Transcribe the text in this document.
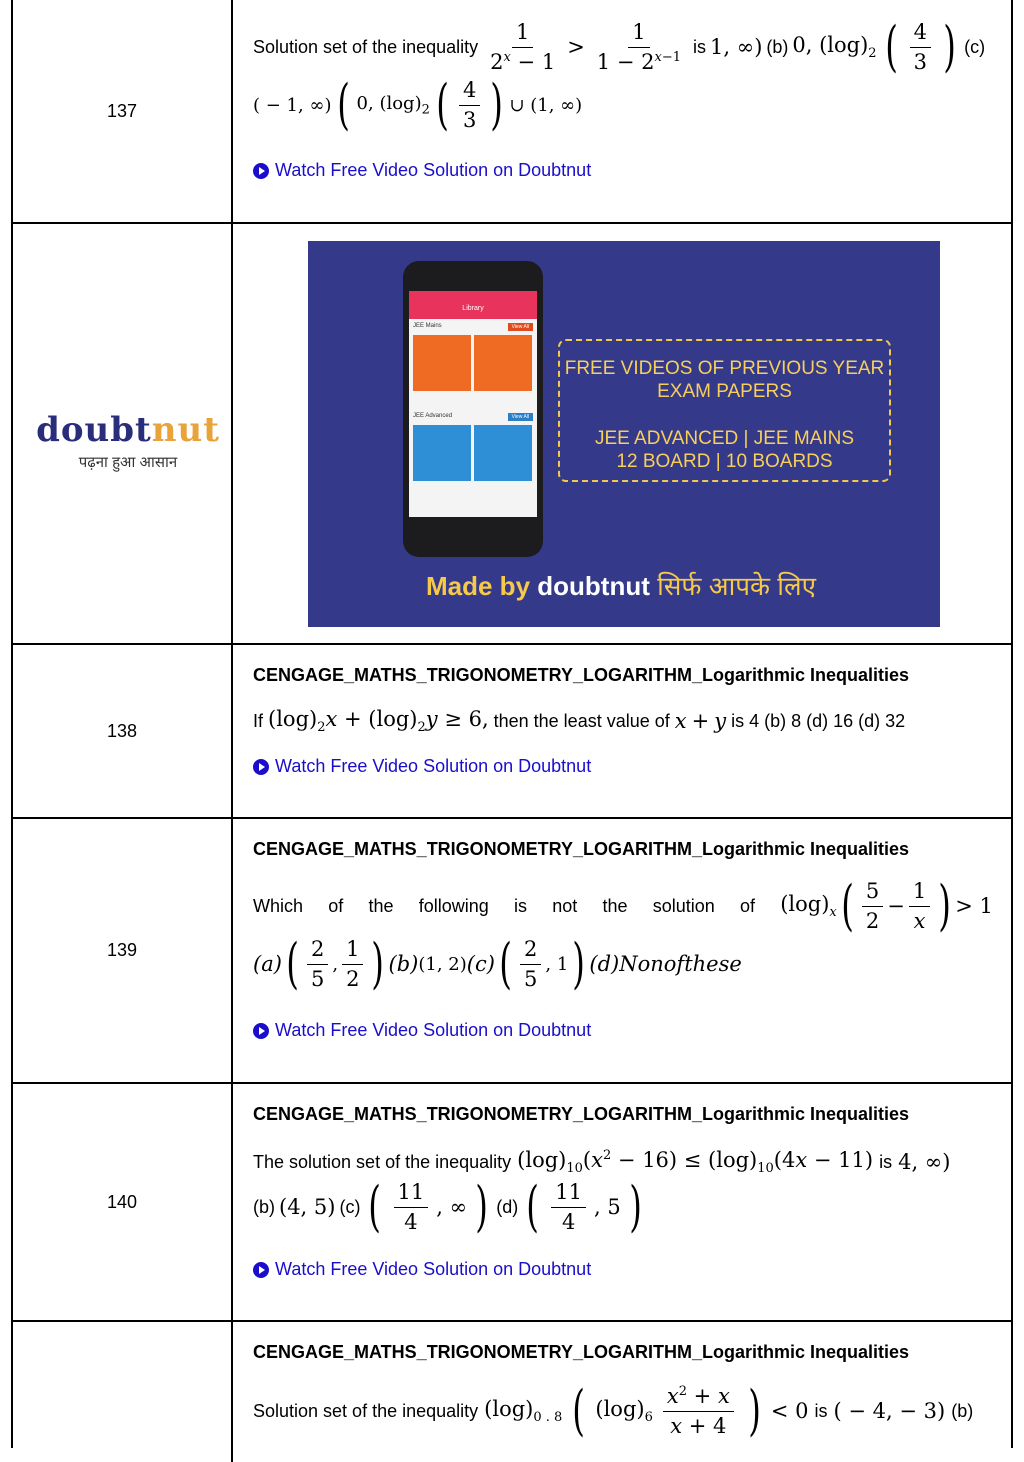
137
Solution set of the inequality $\frac{1}{2^x - 1} > \frac{1}{1 - 2^{x-1}}$ is 1, ∞) (b) 0, $(\log)_2$ ( $\frac{4}{3}$ ) (c)
( − 1, ∞) ( 0, $(\log)_2$ ( $\frac{4}{3}$ ) ∪ (1, ∞)
Watch Free Video Solution on Doubtnut
doubtnut
पढ़ना हुआ आसान
Library
JEE Mains	View All
JEE Advanced	View All
FREE VIDEOS OF PREVIOUS YEAR
EXAM PAPERS
JEE ADVANCED | JEE MAINS
12 BOARD | 10 BOARDS
Made by doubtnut सिर्फ आपके लिए
138
CENGAGE_MATHS_TRIGONOMETRY_LOGARITHM_Logarithmic Inequalities
If $(\log)_2x + (\log)_2y \ge 6$, then the least value of x + y is 4 (b) 8 (d) 16 (d) 32
Watch Free Video Solution on Doubtnut
139
CENGAGE_MATHS_TRIGONOMETRY_LOGARITHM_Logarithmic Inequalities
Which of the following is not the solution of $(\log)_x$ ( $\frac{5}{2} - \frac{1}{x}$ ) > 1
(a) ( $\frac{2}{5}$ , $\frac{1}{2}$ ) (b) (1, 2) (c) ( $\frac{2}{5}$ , 1 ) (d) Nonofthese
Watch Free Video Solution on Doubtnut
140
CENGAGE_MATHS_TRIGONOMETRY_LOGARITHM_Logarithmic Inequalities
The solution set of the inequality $(\log)_{10}(x^2 - 16) \le (\log)_{10}(4x - 11)$ is 4, ∞)
(b) (4, 5) (c) ( $\frac{11}{4}$ , ∞ ) (d) ( $\frac{11}{4}$ , 5 )
Watch Free Video Solution on Doubtnut
CENGAGE_MATHS_TRIGONOMETRY_LOGARITHM_Logarithmic Inequalities
Solution set of the inequality $(\log)_{0 . 8}$ ( $(\log)_6 \frac{x^2 + x}{x + 4}$ ) < 0 is ( − 4, − 3) (b)
